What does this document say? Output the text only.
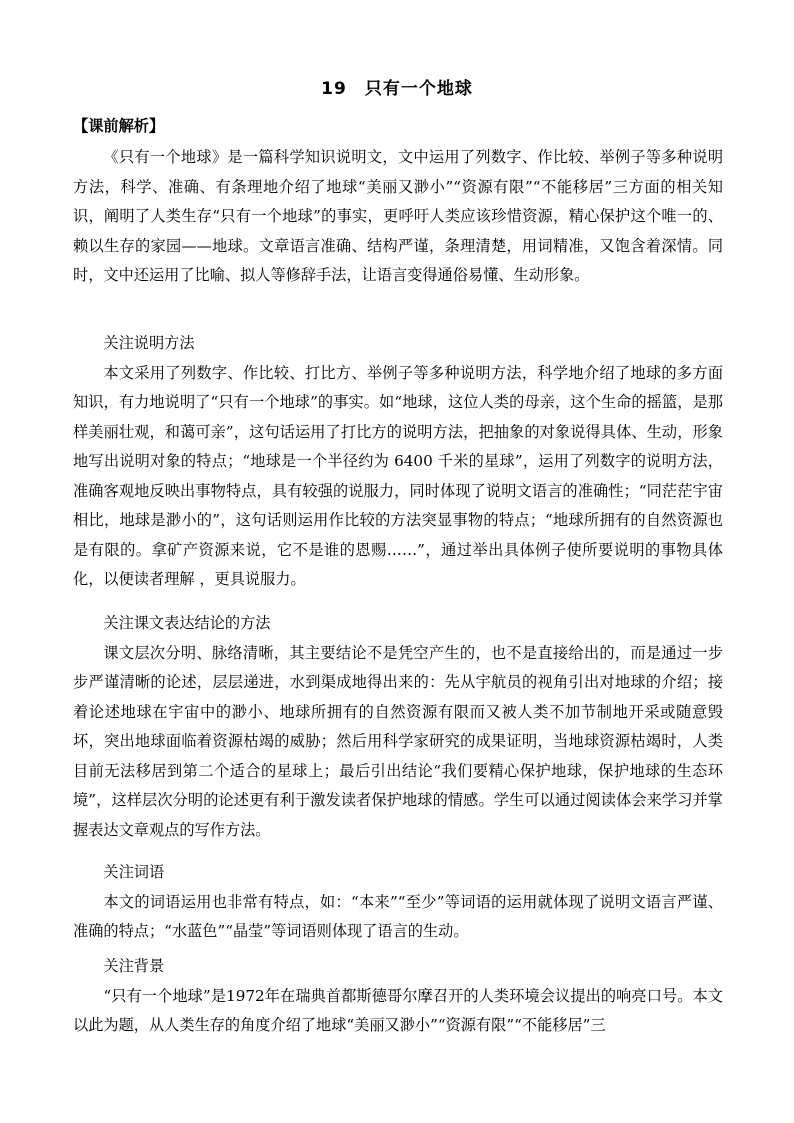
19　只有一个地球
【课前解析】

《只有一个地球》是一篇科学知识说明文，文中运用了列数字、作比较、举例子等多种说明方法，科学、准确、有条理地介绍了地球“美丽又渺小”“资源有限”“不能移居”三方面的相关知识，阐明了人类生存“只有一个地球”的事实，更呼吁人类应该珍惜资源，精心保护这个唯一的、赖以生存的家园——地球。文章语言准确、结构严谨，条理清楚，用词精准，又饱含着深情。同时，文中还运用了比喻、拟人等修辞手法，让语言变得通俗易懂、生动形象。

关注说明方法

本文采用了列数字、作比较、打比方、举例子等多种说明方法，科学地介绍了地球的多方面知识，有力地说明了“只有一个地球”的事实。如“地球，这位人类的母亲，这个生命的摇篮，是那样美丽壮观，和蔼可亲”，这句话运用了打比方的说明方法，把抽象的对象说得具体、生动，形象地写出说明对象的特点；“地球是一个半径约为 6400 千米的星球”，运用了列数字的说明方法，准确客观地反映出事物特点，具有较强的说服力，同时体现了说明文语言的准确性；“同茫茫宇宙相比，地球是渺小的”，这句话则运用作比较的方法突显事物的特点；“地球所拥有的自然资源也是有限的。拿矿产资源来说，它不是谁的恩赐……”，通过举出具体例子使所要说明的事物具体化，以便读者理解 ，更具说服力。

关注课文表达结论的方法

课文层次分明、脉络清晰，其主要结论不是凭空产生的，也不是直接给出的，而是通过一步步严谨清晰的论述，层层递进，水到渠成地得出来的：先从宇航员的视角引出对地球的介绍；接着论述地球在宇宙中的渺小、地球所拥有的自然资源有限而又被人类不加节制地开采或随意毁坏，突出地球面临着资源枯竭的威胁；然后用科学家研究的成果证明，当地球资源枯竭时，人类目前无法移居到第二个适合的星球上；最后引出结论“我们要精心保护地球，保护地球的生态环境”，这样层次分明的论述更有利于激发读者保护地球的情感。学生可以通过阅读体会来学习并掌握表达文章观点的写作方法。

关注词语

本文的词语运用也非常有特点，如：“本来”“至少”等词语的运用就体现了说明文语言严谨、准确的特点；“水蓝色”“晶莹”等词语则体现了语言的生动。

关注背景

“只有一个地球”是1972年在瑞典首都斯德哥尔摩召开的人类环境会议提出的响亮口号。本文以此为题，从人类生存的角度介绍了地球“美丽又渺小”“资源有限”“不能移居”三
